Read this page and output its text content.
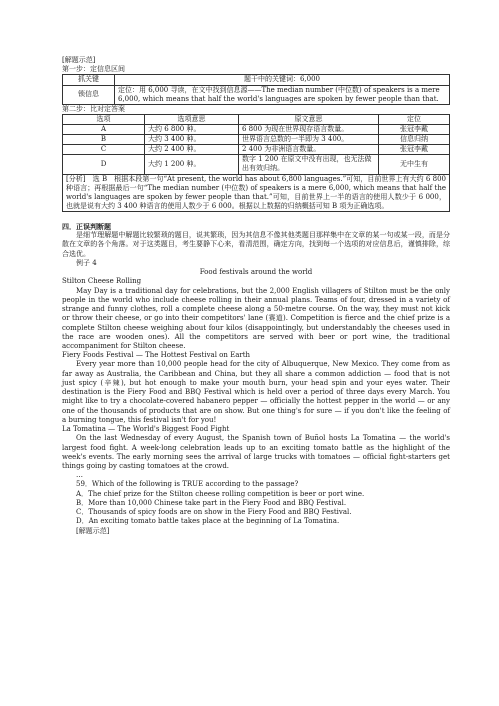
[解题示范]
第一步：定信息区间
抓关键	题干中的关键词：6,000
锁信息	定位：用 6,000 寻读，在文中找到信息源——The median number (中位数) of speakers is a mere 6,000, which means that half the world's languages are spoken by fewer people than that.
第二步：比对定答案
选项	选项意思	原文意思	定位
A	大约 6 800 种。	6 800 为现在世界现存语言数量。	张冠李戴
B	大约 3 400 种。	世界语言总数的一半即为 3 400。	信息归纳
C	大约 2 400 种。	2 400 为非洲语言数量。	张冠李戴
D	大约 1 200 种。	数字 1 200 在原文中没有出现，也无法做出有效归纳。	无中生有
[分析]　选 B　根据本段第一句“At present, the world has about 6,800 languages.”可知，目前世界上有大约 6 800 种语言；再根据最后一句“The median number (中位数) of speakers is a mere 6,000, which means that half the world's languages are spoken by fewer people than that.”可知，目前世界上一半的语言的使用人数少于 6 000，也就是说有大约 3 400 种语言的使用人数少于 6 000。根据以上数据的归纳概括可知 B 项为正确选项。			
四．正误判断题

是细节理解题中解题比较繁琐的题目，说其繁琐，因为其信息不像其他类题目那样集中在文章的某一句或某一段，而是分散在文章的各个角落。对于这类题目，考生要静下心来，看清范围，确定方向，找到每一个选项的对应信息后，谨慎排除，综合选优。

例子 4
Food festivals around the world
Stilton Cheese Rolling

May Day is a traditional day for celebrations, but the 2,000 English villagers of Stilton must be the only people in the world who include cheese rolling in their annual plans. Teams of four, dressed in a variety of strange and funny clothes, roll a complete cheese along a 50-metre course. On the way, they must not kick or throw their cheese, or go into their competitors' lane (赛道). Competition is fierce and the chief prize is a complete Stilton cheese weighing about four kilos (disappointingly, but understandably the cheeses used in the race are wooden ones). All the competitors are served with beer or port wine, the traditional accompaniment for Stilton cheese.

Fiery Foods Festival — The Hottest Festival on Earth

Every year more than 10,000 people head for the city of Albuquerque, New Mexico. They come from as far away as Australia, the Caribbean and China, but they all share a common addiction — food that is not just spicy (辛辣), but hot enough to make your mouth burn, your head spin and your eyes water. Their destination is the Fiery Food and BBQ Festival which is held over a period of three days every March. You might like to try a chocolate-covered habanero pepper — officially the hottest pepper in the world — or any one of the thousands of products that are on show. But one thing's for sure — if you don't like the feeling of a burning tongue, this festival isn't for you!

La Tomatina — The World's Biggest Food Fight

On the last Wednesday of every August, the Spanish town of Buñol hosts La Tomatina — the world's largest food fight. A week-long celebration leads up to an exciting tomato battle as the highlight of the week's events. The early morning sees the arrival of large trucks with tomatoes — official fight-starters get things going by casting tomatoes at the crowd.

…
59．Which of the following is TRUE according to the passage?
A．The chief prize for the Stilton cheese rolling competition is beer or port wine.
B．More than 10,000 Chinese take part in the Fiery Food and BBQ Festival.
C．Thousands of spicy foods are on show in the Fiery Food and BBQ Festival.
D．An exciting tomato battle takes place at the beginning of La Tomatina.
[解题示范]
